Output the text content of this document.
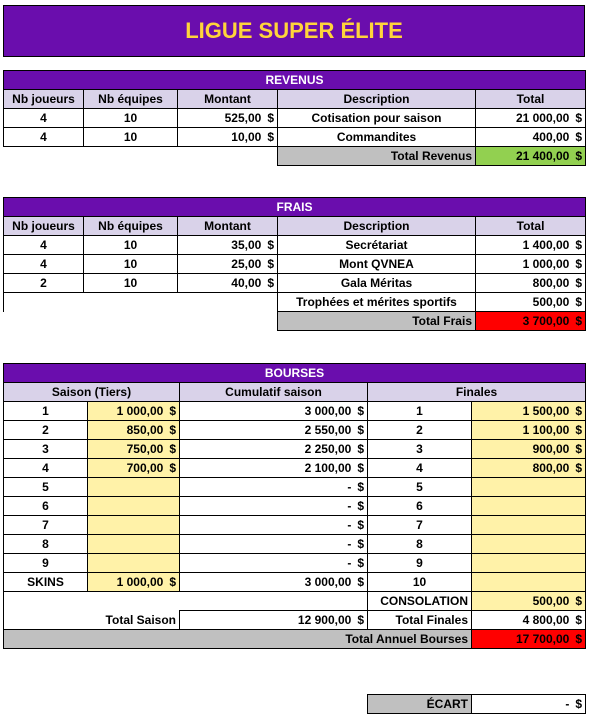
LIGUE SUPER ÉLITE
REVENUS				
Nb joueurs	Nb équipes	Montant	Description	Total
4	10	525,00 $	Cotisation pour saison	21 000,00 $

4	10	10,00 $	Commandites	400,00 $

			Total Revenus	21 400,00 $
FRAIS				
Nb joueurs	Nb équipes	Montant	Description	Total
4	10	35,00 $	Secrétariat	1 400,00 $

4	10	25,00 $	Mont QVNEA	1 000,00 $

2	10	40,00 $	Gala Méritas	800,00 $

			Trophées et mérites sportifs	500,00 $

			Total Frais	3 700,00 $
BOURSES				
Saison (Tiers)		Cumulatif saison	Finales	
1	1 000,00 $	3 000,00 $	1	1 500,00 $

2	850,00 $	2 550,00 $	2	1 100,00 $

3	750,00 $	2 250,00 $	3	900,00 $

4	700,00 $	2 100,00 $	4	800,00 $

5		- $	5	
6		- $	6	
7		- $	7	
8		- $	8	
9		- $	9	
SKINS	1 000,00 $	3 000,00 $	10	
			CONSOLATION	500,00 $

Total Saison		12 900,00 $	Total Finales	4 800,00 $

Total Annuel Bourses				17 700,00 $
ÉCART	- $
